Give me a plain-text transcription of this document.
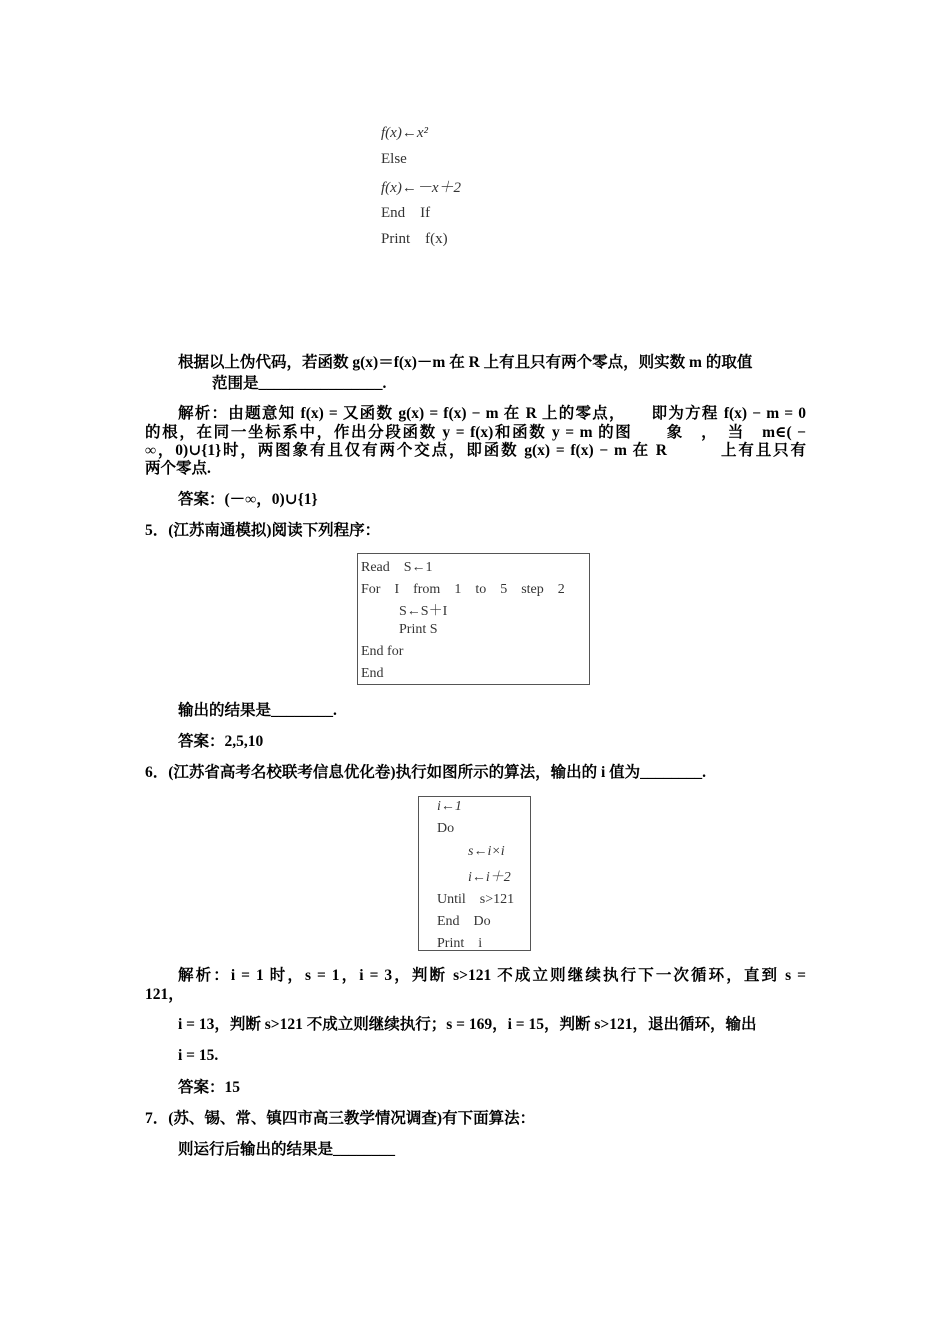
f(x)←x²
Else
f(x)←－x＋2
End　If
Print　f(x)
根据以上伪代码，若函数 g(x)＝f(x)－m 在 R 上有且只有两个零点，则实数 m 的取值
范围是________________.
解析：由题意知 f(x) = 又函数 g(x) = f(x) − m 在 R 上的零点，　　即为方程 f(x) − m = 0
的根，在同一坐标系中，作出分段函数 y = f(x)和函数 y = m 的图　　象　，　当　m∈( −
∞，0)∪{1}时，两图象有且仅有两个交点，即函数 g(x) = f(x) − m 在 R　　　上有且只有
两个零点.
答案：(－∞，0)∪{1}
5．(江苏南通模拟)阅读下列程序：
Read　S←1
For　I　from　1　to　5　step　2
S←S＋I
Print S
End for
End
输出的结果是________.
答案：2,5,10
6．(江苏省高考名校联考信息优化卷)执行如图所示的算法，输出的 i 值为________.
i←1
Do
s←i×i
i←i＋2
Until　s>121
End　Do
Print　i
解析：i = 1 时，s = 1，i = 3，判断 s>121 不成立则继续执行下一次循环，直到 s =
121，
i = 13，判断 s>121 不成立则继续执行；s = 169，i = 15，判断 s>121，退出循环，输出
i = 15.
答案：15
7．(苏、锡、常、镇四市高三教学情况调查)有下面算法：
则运行后输出的结果是________
